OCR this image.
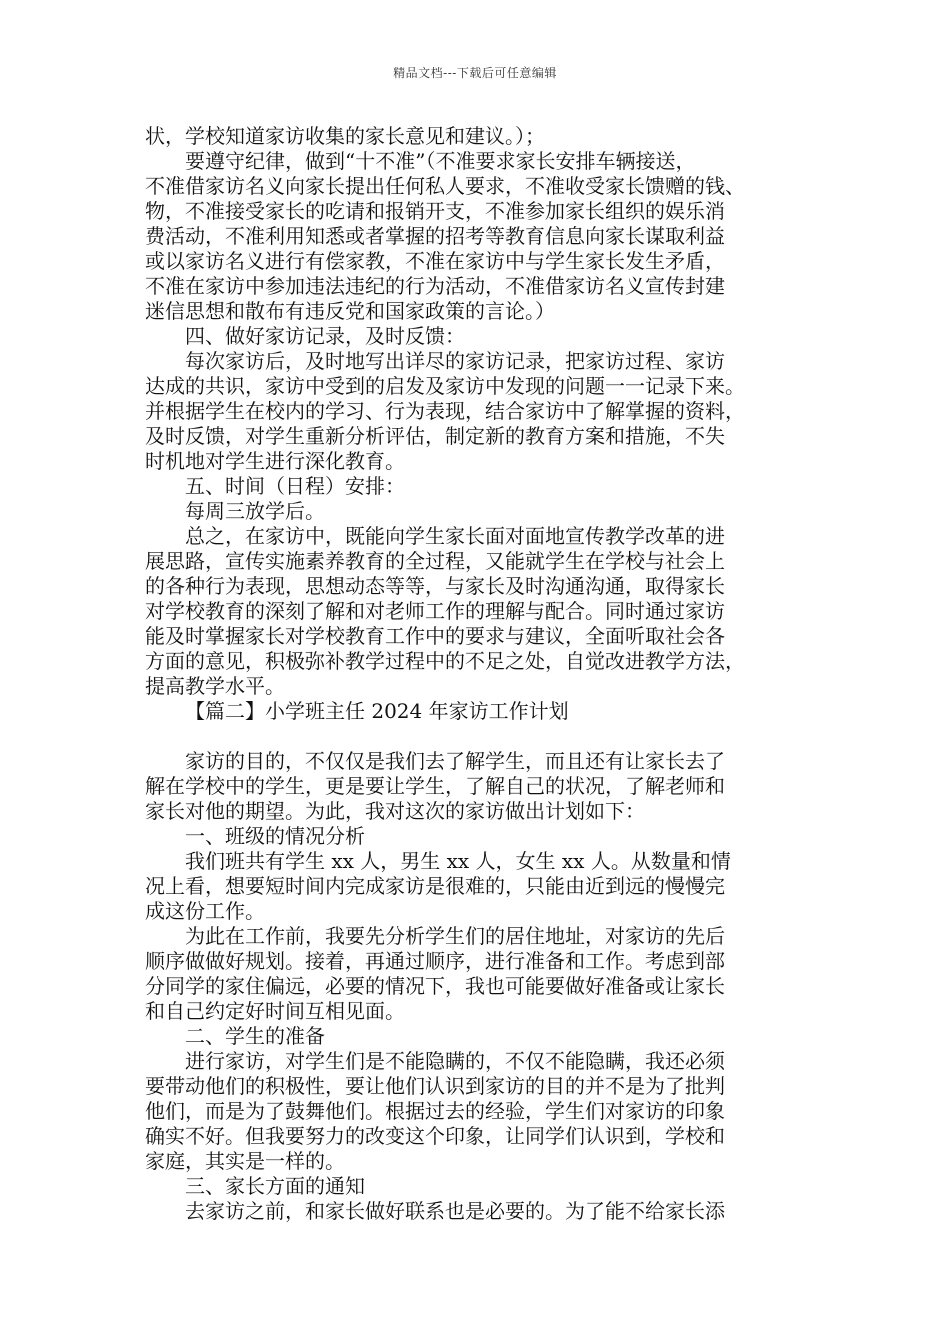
精品文档---下载后可任意编辑
状，学校知道家访收集的家长意见和建议。）；
要遵守纪律，做到“十不准”（不准要求家长安排车辆接送，
不准借家访名义向家长提出任何私人要求，不准收受家长馈赠的钱、
物，不准接受家长的吃请和报销开支，不准参加家长组织的娱乐消
费活动，不准利用知悉或者掌握的招考等教育信息向家长谋取利益
或以家访名义进行有偿家教，不准在家访中与学生家长发生矛盾，
不准在家访中参加违法违纪的行为活动，不准借家访名义宣传封建
迷信思想和散布有违反党和国家政策的言论。）
四、做好家访记录，及时反馈：
每次家访后，及时地写出详尽的家访记录，把家访过程、家访
达成的共识，家访中受到的启发及家访中发现的问题一一记录下来。
并根据学生在校内的学习、行为表现，结合家访中了解掌握的资料，
及时反馈，对学生重新分析评估，制定新的教育方案和措施，不失
时机地对学生进行深化教育。
五、时间（日程）安排：
每周三放学后。
总之，在家访中，既能向学生家长面对面地宣传教学改革的进
展思路，宣传实施素养教育的全过程，又能就学生在学校与社会上
的各种行为表现，思想动态等等，与家长及时沟通沟通，取得家长
对学校教育的深刻了解和对老师工作的理解与配合。同时通过家访
能及时掌握家长对学校教育工作中的要求与建议，全面听取社会各
方面的意见，积极弥补教学过程中的不足之处，自觉改进教学方法，
提高教学水平。
【篇二】小学班主任 2024 年家访工作计划
家访的目的，不仅仅是我们去了解学生，而且还有让家长去了
解在学校中的学生，更是要让学生，了解自己的状况，了解老师和
家长对他的期望。为此，我对这次的家访做出计划如下：
一、班级的情况分析
我们班共有学生 xx 人，男生 xx 人，女生 xx 人。从数量和情
况上看，想要短时间内完成家访是很难的，只能由近到远的慢慢完
成这份工作。
为此在工作前，我要先分析学生们的居住地址，对家访的先后
顺序做做好规划。接着，再通过顺序，进行准备和工作。考虑到部
分同学的家住偏远，必要的情况下，我也可能要做好准备或让家长
和自己约定好时间互相见面。
二、学生的准备
进行家访，对学生们是不能隐瞒的，不仅不能隐瞒，我还必须
要带动他们的积极性，要让他们认识到家访的目的并不是为了批判
他们，而是为了鼓舞他们。根据过去的经验，学生们对家访的印象
确实不好。但我要努力的改变这个印象，让同学们认识到，学校和
家庭，其实是一样的。
三、家长方面的通知
去家访之前，和家长做好联系也是必要的。为了能不给家长添
